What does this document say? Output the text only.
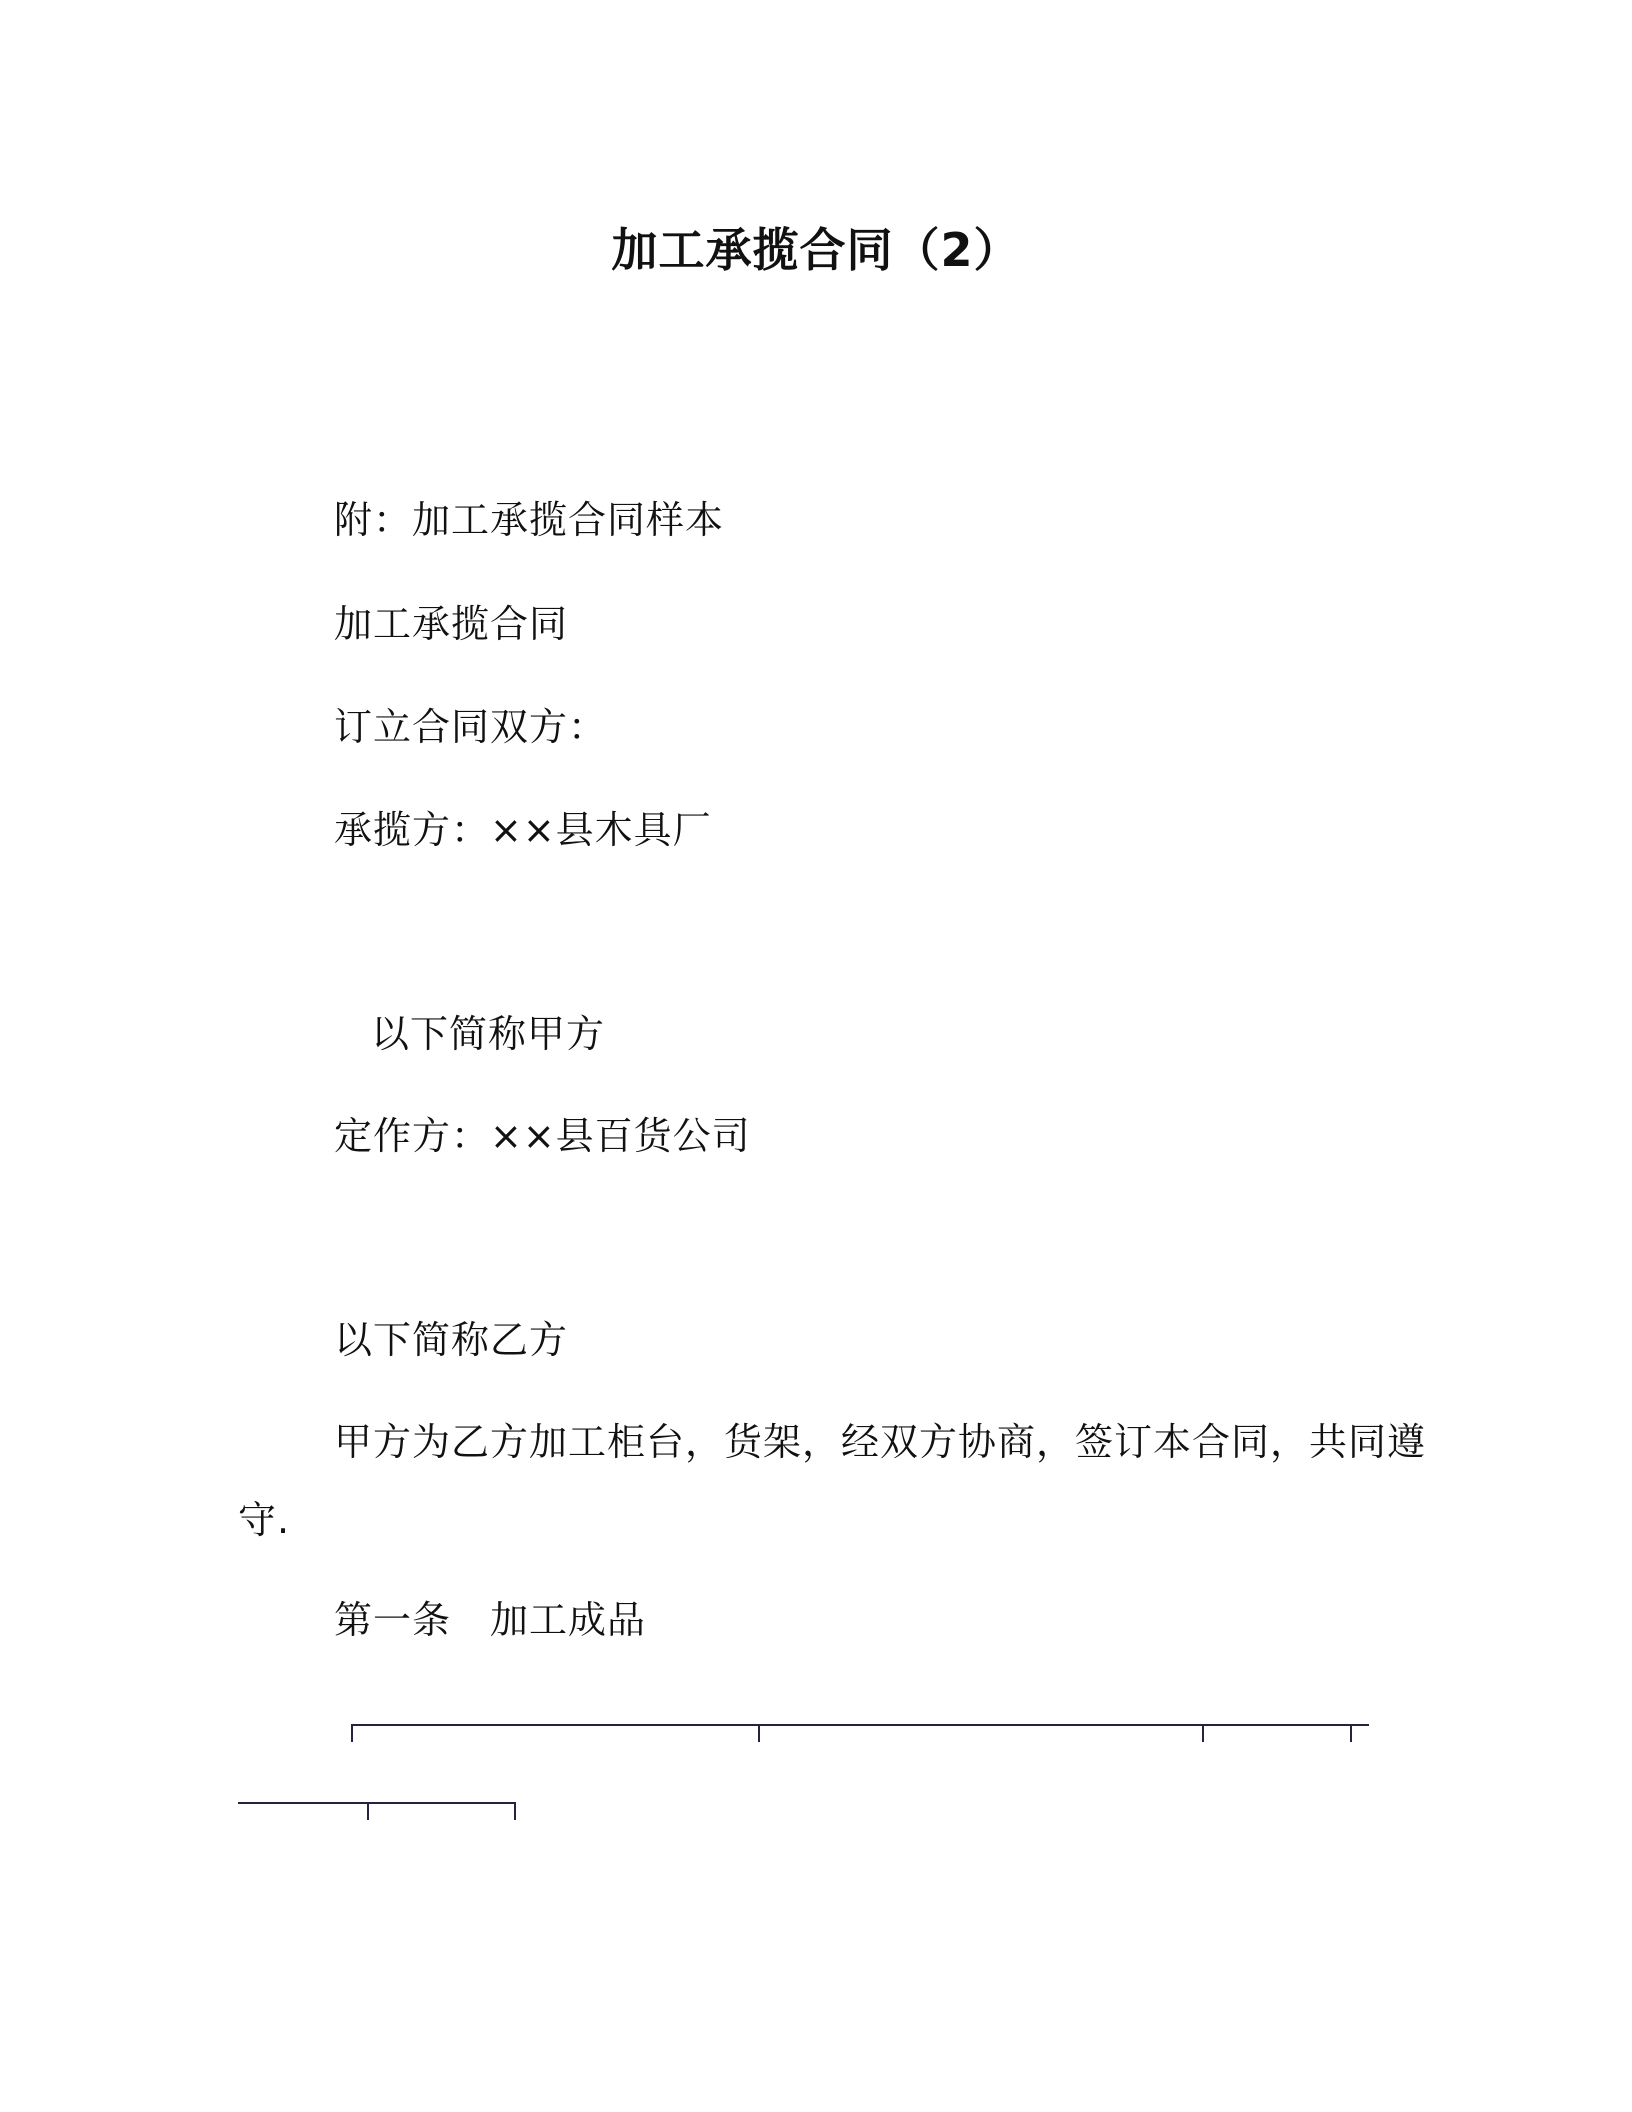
加工承揽合同（2）
附：加工承揽合同样本
加工承揽合同
订立合同双方：
承揽方：××县木具厂
以下简称甲方
定作方：××县百货公司
以下简称乙方
甲方为乙方加工柜台，货架，经双方协商，签订本合同，共同遵
守.
第一条　加工成品
